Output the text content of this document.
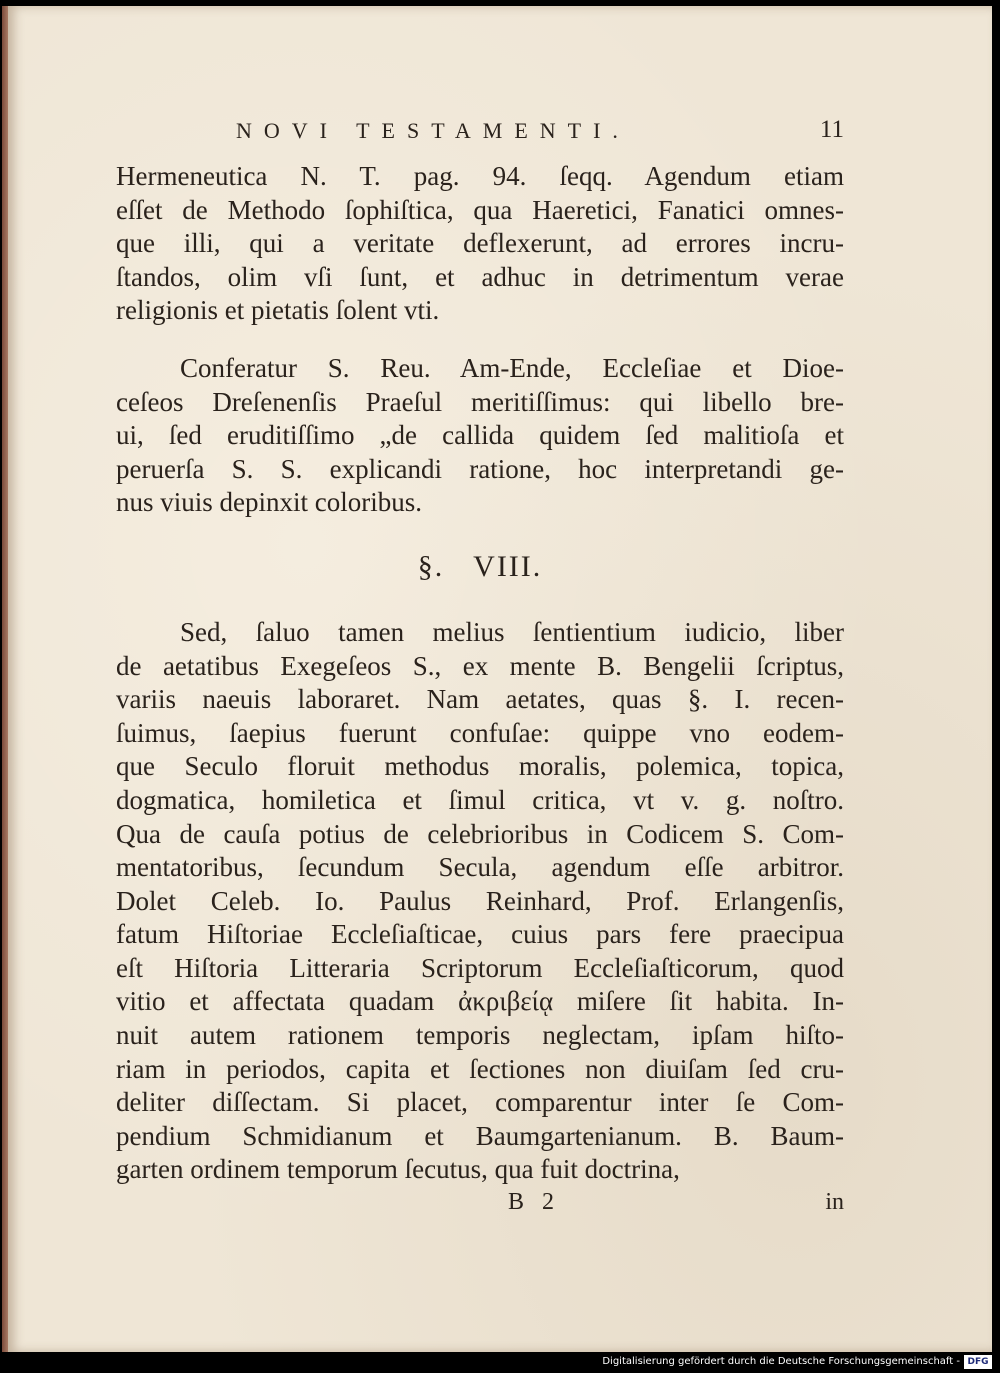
NOVI TESTAMENTI.	11

Hermeneutica N. T. pag. 94. ſeqq. Agendum etiam
eſſet de Methodo ſophiſtica, qua Haeretici, Fanatici omnes-
que illi, qui a veritate deflexerunt, ad errores incru-
ſtandos, olim vſi ſunt, et adhuc in detrimentum verae
religionis et pietatis ſolent vti.

Conferatur S. Reu. Am-Ende, Eccleſiae et Dioe-
ceſeos Dreſenenſis Praeſul meritiſſimus: qui libello bre-
ui, ſed eruditiſſimo „de callida quidem ſed malitioſa et
peruerſa S. S. explicandi ratione, hoc interpretandi ge-
nus viuis depinxit coloribus.

§. VIII.

Sed, ſaluo tamen melius ſentientium iudicio, liber
de aetatibus Exegeſeos S., ex mente B. Bengelii ſcriptus,
variis naeuis laboraret. Nam aetates, quas §. I. recen-
ſuimus, ſaepius fuerunt confuſae: quippe vno eodem-
que Seculo floruit methodus moralis, polemica, topica,
dogmatica, homiletica et ſimul critica, vt v. g. noſtro.
Qua de cauſa potius de celebrioribus in Codicem S. Com-
mentatoribus, ſecundum Secula, agendum eſſe arbitror.
Dolet Celeb. Io. Paulus Reinhard, Prof. Erlangenſis,
fatum Hiſtoriae Eccleſiaſticae, cuius pars fere praecipua
eſt Hiſtoria Litteraria Scriptorum Eccleſiaſticorum, quod
vitio et affectata quadam ἀκριβείᾳ miſere ſit habita. In-
nuit autem rationem temporis neglectam, ipſam hiſto-
riam in periodos, capita et ſectiones non diuiſam ſed cru-
deliter diſſectam. Si placet, comparentur inter ſe Com-
pendium Schmidianum et Baumgartenianum. B. Baum-
garten ordinem temporum ſecutus, qua fuit doctrina,

B 2	in
Digitalisierung gefördert durch die Deutsche Forschungsgemeinschaft - DFG
